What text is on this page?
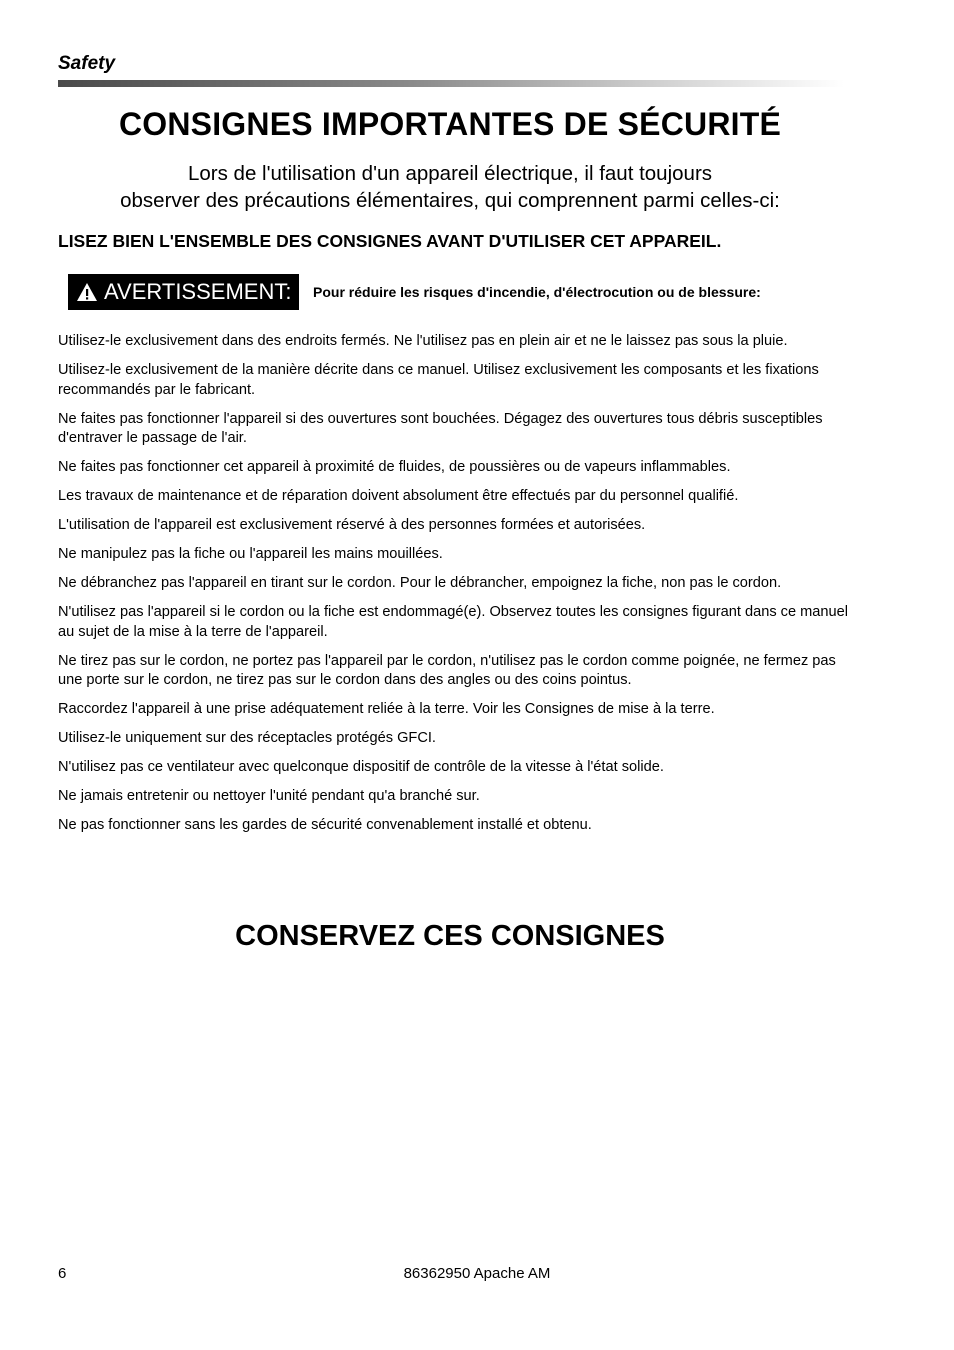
Safety
CONSIGNES IMPORTANTES DE SÉCURITÉ
Lors de l'utilisation d'un appareil électrique, il faut toujours
observer des précautions élémentaires, qui comprennent parmi celles-ci:
LISEZ BIEN L'ENSEMBLE DES CONSIGNES AVANT D'UTILISER CET APPAREIL.
AVERTISSEMENT: Pour réduire les risques d'incendie, d'électrocution ou de blessure:
Utilisez-le exclusivement dans des endroits fermés. Ne l'utilisez pas en plein air et ne le laissez pas sous la pluie.
Utilisez-le exclusivement de la manière décrite dans ce manuel. Utilisez exclusivement les composants et les fixations recommandés par le fabricant.
Ne faites pas fonctionner l'appareil si des ouvertures sont bouchées. Dégagez des ouvertures tous débris susceptibles d'entraver le passage de l'air.
Ne faites pas fonctionner cet appareil à proximité de fluides, de poussières ou de vapeurs inflammables.
Les travaux de maintenance et de réparation doivent absolument être effectués par du personnel qualifié.
L'utilisation de l'appareil est exclusivement réservé à des personnes formées et autorisées.
Ne manipulez pas la fiche ou l'appareil les mains mouillées.
Ne débranchez pas l'appareil en tirant sur le cordon. Pour le débrancher, empoignez la fiche, non pas le cordon.
N'utilisez pas l'appareil si le cordon ou la fiche est endommagé(e). Observez toutes les consignes figurant dans ce manuel au sujet de la mise à la terre de l'appareil.
Ne tirez pas sur le cordon, ne portez pas l'appareil par le cordon, n'utilisez pas le cordon comme poignée, ne fermez pas une porte sur le cordon, ne tirez pas sur le cordon dans des angles ou des coins pointus.
Raccordez l'appareil à une prise adéquatement reliée à la terre. Voir les Consignes de mise à la terre.
Utilisez-le uniquement sur des réceptacles protégés GFCI.
N'utilisez pas ce ventilateur avec quelconque dispositif de contrôle de la vitesse à l'état solide.
Ne jamais entretenir ou nettoyer l'unité pendant qu'a branché sur.
Ne pas fonctionner sans les gardes de sécurité convenablement installé et obtenu.
CONSERVEZ CES CONSIGNES
6	86362950 Apache AM
